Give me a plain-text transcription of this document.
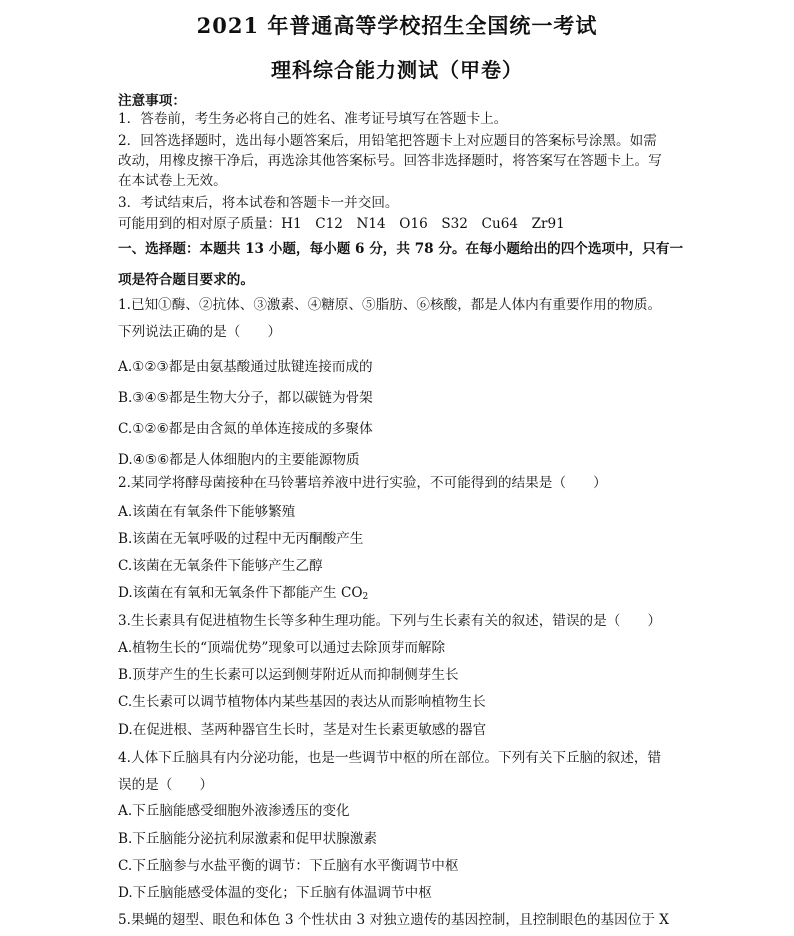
2021 年普通高等学校招生全国统一考试
理科综合能力测试（甲卷）
注意事项：
1．答卷前，考生务必将自己的姓名、准考证号填写在答题卡上。
2．回答选择题时，选出每小题答案后，用铅笔把答题卡上对应题目的答案标号涂黑。如需
改动，用橡皮擦干净后，再选涂其他答案标号。回答非选择题时，将答案写在答题卡上。写
在本试卷上无效。
3．考试结束后，将本试卷和答题卡一并交回。
可能用到的相对原子质量：H1　C12　N14　O16　S32　Cu64　Zr91
一、选择题：本题共 13 小题，每小题 6 分，共 78 分。在每小题给出的四个选项中，只有一
项是符合题目要求的。
1.已知①酶、②抗体、③激素、④糖原、⑤脂肪、⑥核酸，都是人体内有重要作用的物质。
下列说法正确的是（　　）
A.①②③都是由氨基酸通过肽键连接而成的
B.③④⑤都是生物大分子，都以碳链为骨架
C.①②⑥都是由含氮的单体连接成的多聚体
D.④⑤⑥都是人体细胞内的主要能源物质
2.某同学将酵母菌接种在马铃薯培养液中进行实验，不可能得到的结果是（　　）
A.该菌在有氧条件下能够繁殖
B.该菌在无氧呼吸的过程中无丙酮酸产生
C.该菌在无氧条件下能够产生乙醇
D.该菌在有氧和无氧条件下都能产生 $CO_2$
3.生长素具有促进植物生长等多种生理功能。下列与生长素有关的叙述，错误的是（　　）
A.植物生长的“顶端优势”现象可以通过去除顶芽而解除
B.顶芽产生的生长素可以运到侧芽附近从而抑制侧芽生长
C.生长素可以调节植物体内某些基因的表达从而影响植物生长
D.在促进根、茎两种器官生长时，茎是对生长素更敏感的器官
4.人体下丘脑具有内分泌功能，也是一些调节中枢的所在部位。下列有关下丘脑的叙述，错
误的是（　　）
A.下丘脑能感受细胞外液渗透压的变化
B.下丘脑能分泌抗利尿激素和促甲状腺激素
C.下丘脑参与水盐平衡的调节：下丘脑有水平衡调节中枢
D.下丘脑能感受体温的变化；下丘脑有体温调节中枢
5.果蝇的翅型、眼色和体色 3 个性状由 3 对独立遗传的基因控制，且控制眼色的基因位于 X
